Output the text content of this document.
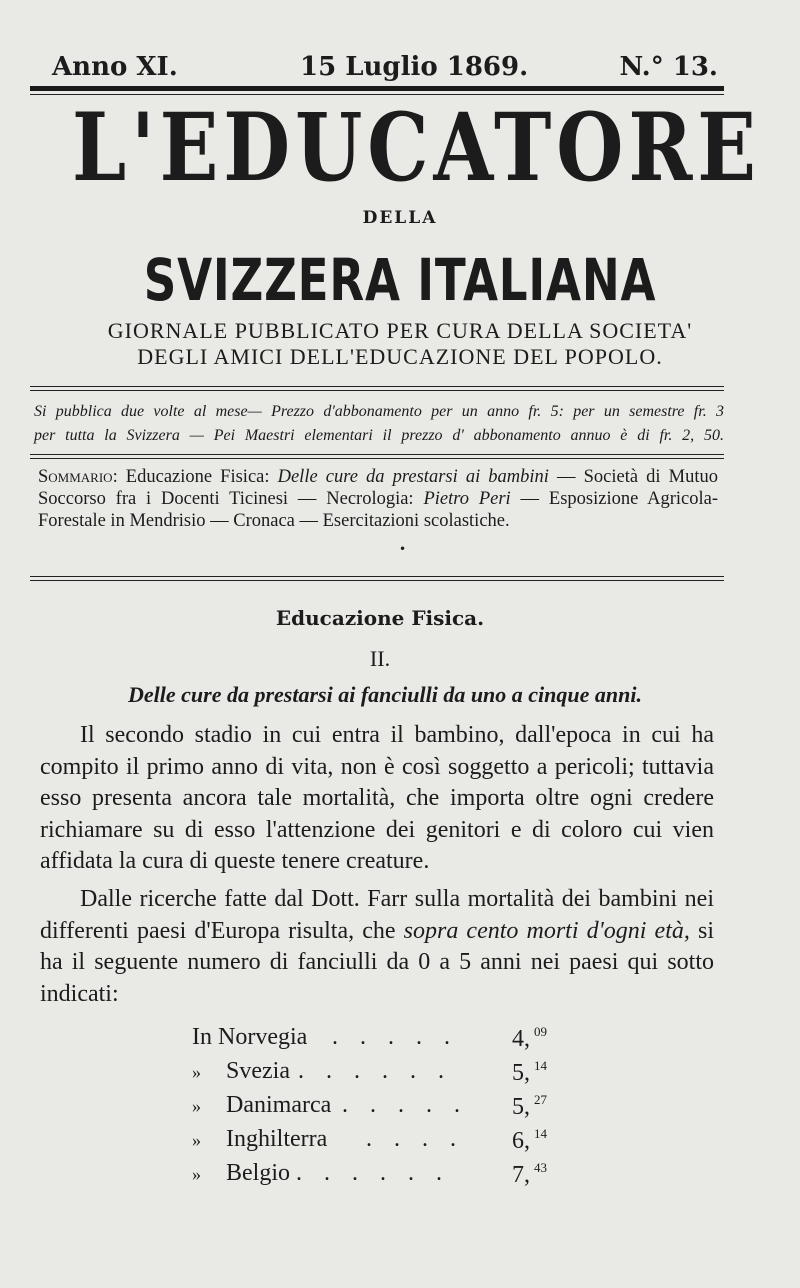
Anno XI.	15 Luglio 1869.	N.° 13.
L'EDUCATORE
DELLA
SVIZZERA ITALIANA
GIORNALE PUBBLICATO PER CURA DELLA SOCIETA'
DEGLI AMICI DELL'EDUCAZIONE DEL POPOLO.
Si pubblica due volte al mese— Prezzo d'abbonamento per un anno fr. 5: per un semestre fr. 3
per tutta la Svizzera — Pei Maestri elementari il prezzo d' abbonamento annuo è di fr. 2, 50.
Sommario: Educazione Fisica: Delle cure da prestarsi ai bambini — Società di Mutuo Soccorso fra i Docenti Ticinesi — Necrologia: Pietro Peri — Esposizione Agricola-Forestale in Mendrisio — Cronaca — Esercitazioni scolastiche.
•
Educazione Fisica.
II.
Delle cure da prestarsi ai fanciulli da uno a cinque anni.
Il secondo stadio in cui entra il bambino, dall'epoca in cui ha compito il primo anno di vita, non è così soggetto a pericoli; tuttavia esso presenta ancora tale mortalità, che importa oltre ogni credere richiamare su di esso l'attenzione dei genitori e di coloro cui vien affidata la cura di queste tenere creature.
Dalle ricerche fatte dal Dott. Farr sulla mortalità dei bambini nei differenti paesi d'Europa risulta, che sopra cento morti d'ogni età, si ha il seguente numero di fanciulli da 0 a 5 anni nei paesi qui sotto indicati:
In Norvegia . . . . . 4, $^{09}$
»	Svezia . . . . . .	5, $^{14}$
»	Danimarca . . . . . 5, $^{27}$
»	Inghilterra . . . . 6, $^{14}$
»	Belgio . . . . . .	7, $^{43}$
